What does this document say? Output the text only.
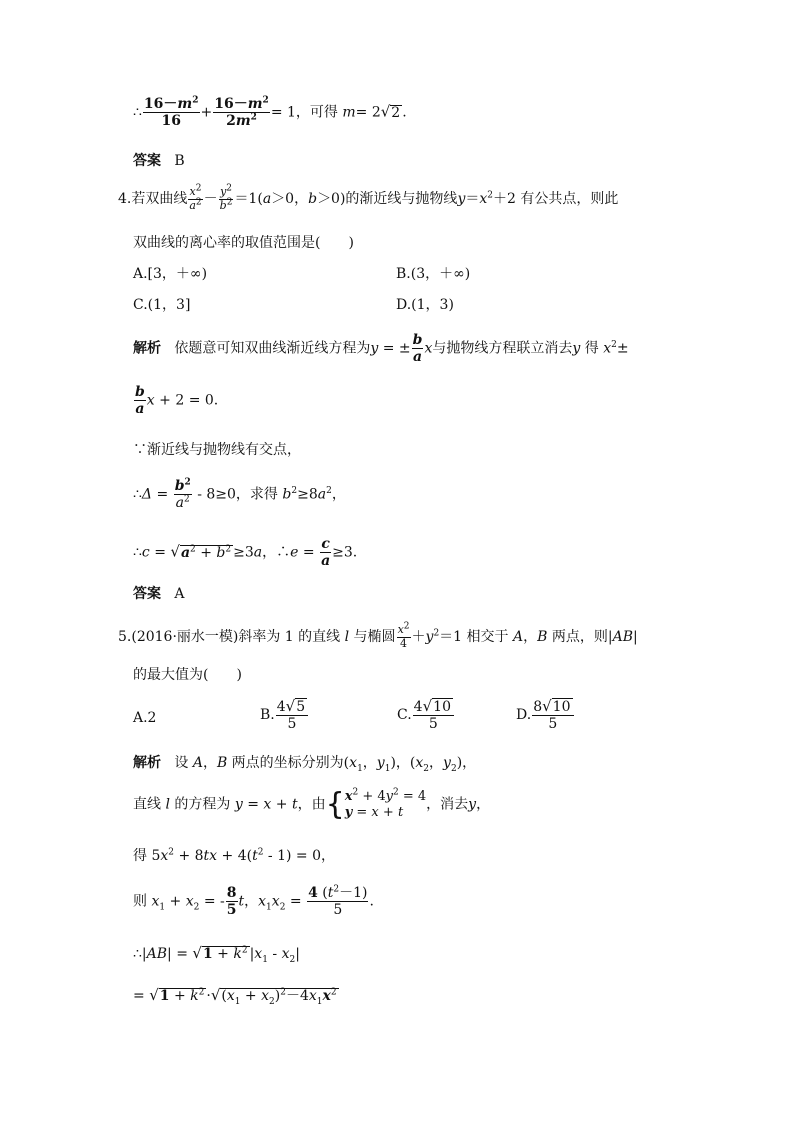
∴ $\frac{16-m^2}{16} + \frac{16-m^2}{2m^2} = 1$，可得 m= 2√2 .
答案 B
4.若双曲线 $\frac{x^2}{a^2} - \frac{y^2}{b^2} =1(a>0$，b＞0)的渐近线与抛物线$y=x^2+2$ 有公共点，则此
双曲线的离心率的取值范围是(　　)
A.[3，＋∞)	B.(3，＋∞)
C.(1，3]	D.(1，3)
解析 依题意可知双曲线渐近线方程为y = ± $\frac{b}{a}$ x与抛物线方程联立消去y 得 $x^2\pm$
$\frac{b}{a}$ x + 2 = 0.
∵渐近线与抛物线有交点，
∴Δ = $\frac{b^2}{a^2} - 8\ge 0$，求得 $b^2\ge 8a^2$，
∴c = $√a^2 + b^2 \ge 3a$，∴e = $\frac{c}{a} \ge 3$.
答案 A
5.(2016·丽水一模)斜率为 1 的直线 l 与椭圆 $\frac{x^2}{4} +y^2=1$ 相交于 A，B 两点，则|AB|
的最大值为(　　)
A.2	B. $\frac{4√5}{5}$	C. $\frac{4√10}{5}$	D. $\frac{8√10}{5}$
解析 设 A，B 两点的坐标分别为($x_1$，$y_1$)，($x_2$，$y_2$)，
直线 l 的方程为 y = x + t，由{ $x^2 + 4y^2 = 4$
y = x + t	，消去y，
得 $5x^2 + 8tx + 4(t^2 - 1) = 0$，
则 $x_1 + x_2$ = - $\frac{8}{5}$ t，$x_1x_2 = \frac{4 (t^2-1)}{5}$ .
∴|AB| = $√1 + k^2$ $|x_1 - x_2|$
= $√1 + k^2 \cdot√(x_1 + x_2)^2-4x_1x^2$
